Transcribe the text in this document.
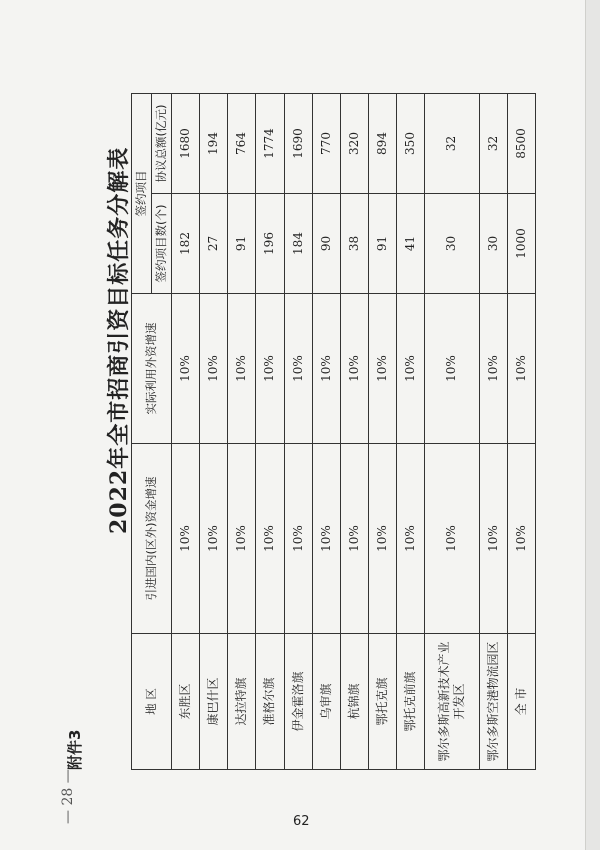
附件3
— 28 —
2022年全市招商引资目标任务分解表
地 区	引进国内(区外)资金增速	实际利用外资增速	签约项目	
			签约项目数(个)	协议总额(亿元)
东胜区	10%	10%	182	1680
康巴什区	10%	10%	27	194
达拉特旗	10%	10%	91	764
准格尔旗	10%	10%	196	1774
伊金霍洛旗	10%	10%	184	1690
乌审旗	10%	10%	90	770
杭锦旗	10%	10%	38	320
鄂托克旗	10%	10%	91	894
鄂托克前旗	10%	10%	41	350
鄂尔多斯高新技术产业开发区	10%	10%	30	32
鄂尔多斯空港物流园区	10%	10%	30	32
全 市	10%	10%	1000	8500
62
